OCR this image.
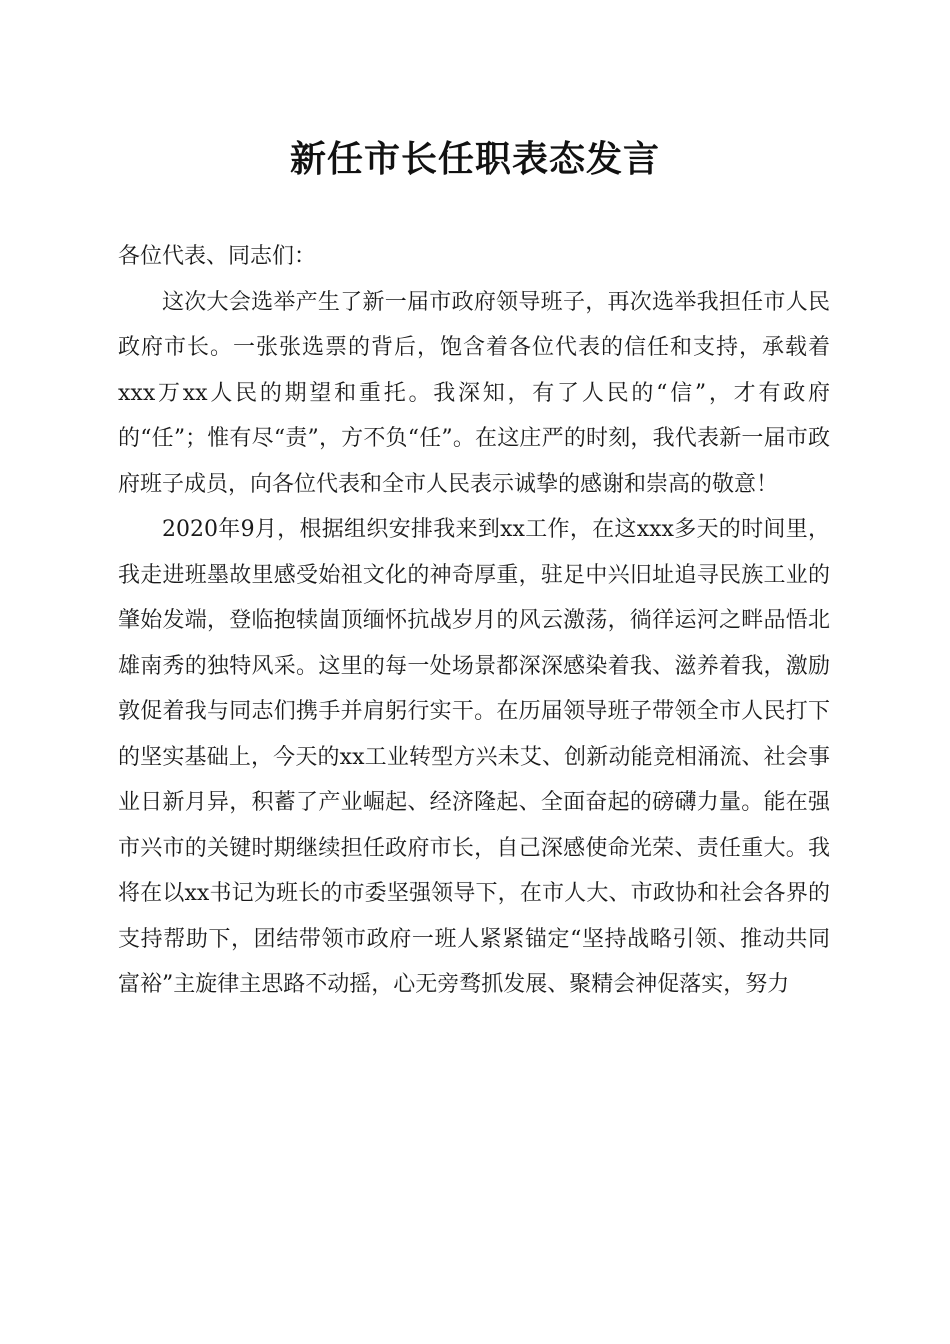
新任市长任职表态发言

各位代表、同志们：

这次大会选举产生了新一届市政府领导班子，再次选举我担任市人民政府市长。一张张选票的背后，饱含着各位代表的信任和支持，承载着xxx万xx人民的期望和重托。我深知，有了人民的“信”，才有政府的“任”；惟有尽“责”，方不负“任”。在这庄严的时刻，我代表新一届市政府班子成员，向各位代表和全市人民表示诚挚的感谢和崇高的敬意！

2020年9月，根据组织安排我来到xx工作，在这xxx多天的时间里，我走进班墨故里感受始祖文化的神奇厚重，驻足中兴旧址追寻民族工业的肇始发端，登临抱犊崮顶缅怀抗战岁月的风云激荡，徜徉运河之畔品悟北雄南秀的独特风采。这里的每一处场景都深深感染着我、滋养着我，激励敦促着我与同志们携手并肩躬行实干。在历届领导班子带领全市人民打下的坚实基础上，今天的xx工业转型方兴未艾、创新动能竞相涌流、社会事业日新月异，积蓄了产业崛起、经济隆起、全面奋起的磅礴力量。能在强市兴市的关键时期继续担任政府市长，自己深感使命光荣、责任重大。我将在以xx书记为班长的市委坚强领导下，在市人大、市政协和社会各界的支持帮助下，团结带领市政府一班人紧紧锚定“坚持战略引领、推动共同富裕”主旋律主思路不动摇，心无旁骛抓发展、聚精会神促落实，努力
